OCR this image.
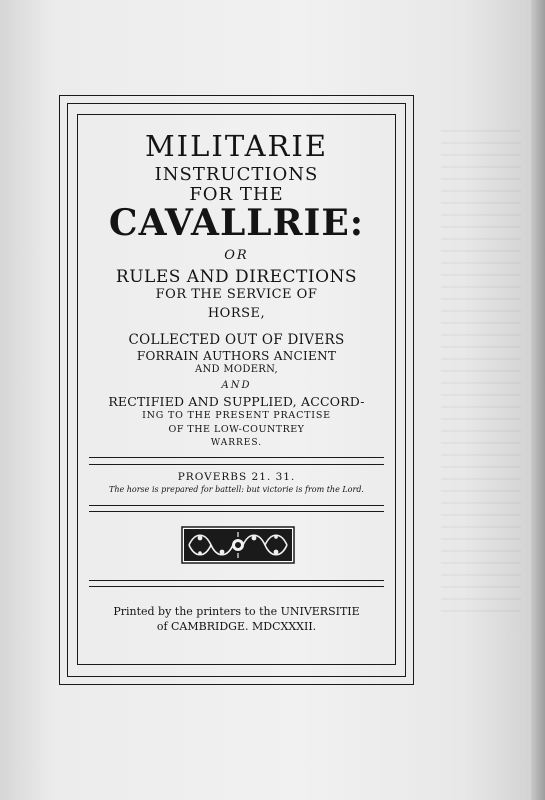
MILITARIE
INSTRUCTIONS
FOR THE
CAVALLRIE:
OR
RULES AND DIRECTIONS
FOR THE SERVICE OF
HORSE,
COLLECTED OUT OF DIVERS
FORRAIN AUTHORS ANCIENT
AND MODERN,
AND
RECTIFIED AND SUPPLIED, ACCORD-
ING TO THE PRESENT PRACTISE
OF THE LOW-COUNTREY
WARRES.
PROVERBS 21. 31.
The horse is prepared for battell: but victorie is from the Lord.
Printed by the printers to the UNIVERSITIE
of CAMBRIDGE. MDCXXXII.
